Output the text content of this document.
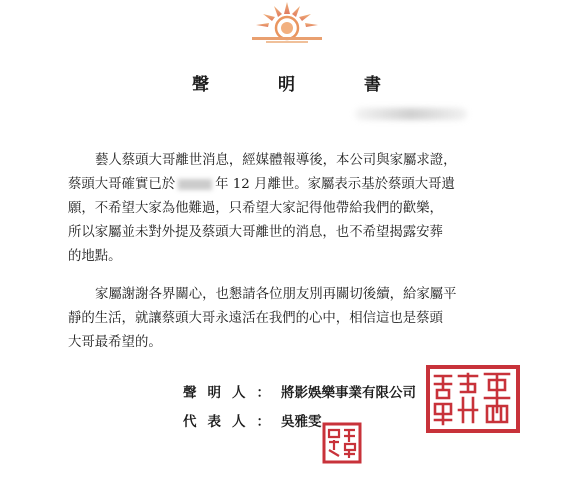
聲　明　書
藝人蔡頭大哥離世消息，經媒體報導後，本公司與家屬求證，
蔡頭大哥確實已於	年 12 月離世。家屬表示基於蔡頭大哥遺
願，不希望大家為他難過，只希望大家記得他帶給我們的歡樂，
所以家屬並未對外提及蔡頭大哥離世的消息，也不希望揭露安葬
的地點。
家屬謝謝各界關心，也懇請各位朋友別再關切後續，給家屬平
靜的生活，就讓蔡頭大哥永遠活在我們的心中，相信這也是蔡頭
大哥最希望的。
聲明人：將影娛樂事業有限公司
代表人：吳雅雯
